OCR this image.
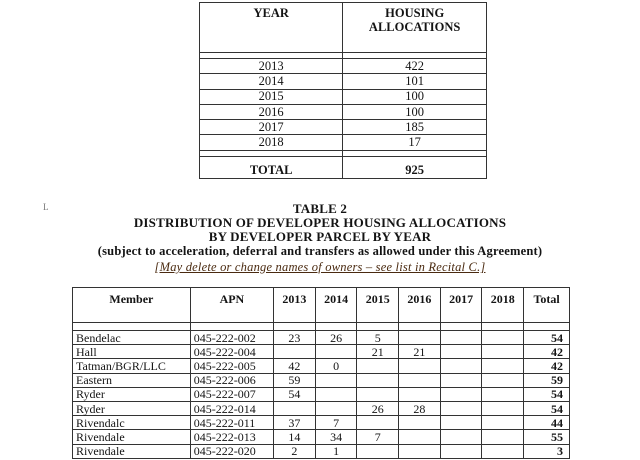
YEAR	HOUSING
ALLOCATIONS

2013	422
2014	101
2015	100
2016	100
2017	185
2018	17

TOTAL	925
TABLE 2
DISTRIBUTION OF DEVELOPER HOUSING ALLOCATIONS
BY DEVELOPER PARCEL BY YEAR
(subject to acceleration, deferral and transfers as allowed under this Agreement)
[May delete or change names of owners – see list in Recital C.]
L
Member	APN	2013	2014	2015	2016	2017	2018	Total

Bendelac	045-222-002	23	26	5				54
Hall	045-222-004			21	21			42
Tatman/BGR/LLC	045-222-005	42	0					42
Eastern	045-222-006	59						59
Ryder	045-222-007	54						54
Ryder	045-222-014			26	28			54
Rivendalc	045-222-011	37	7					44
Rivendale	045-222-013	14	34	7				55
Rivendale	045-222-020	2	1					3
